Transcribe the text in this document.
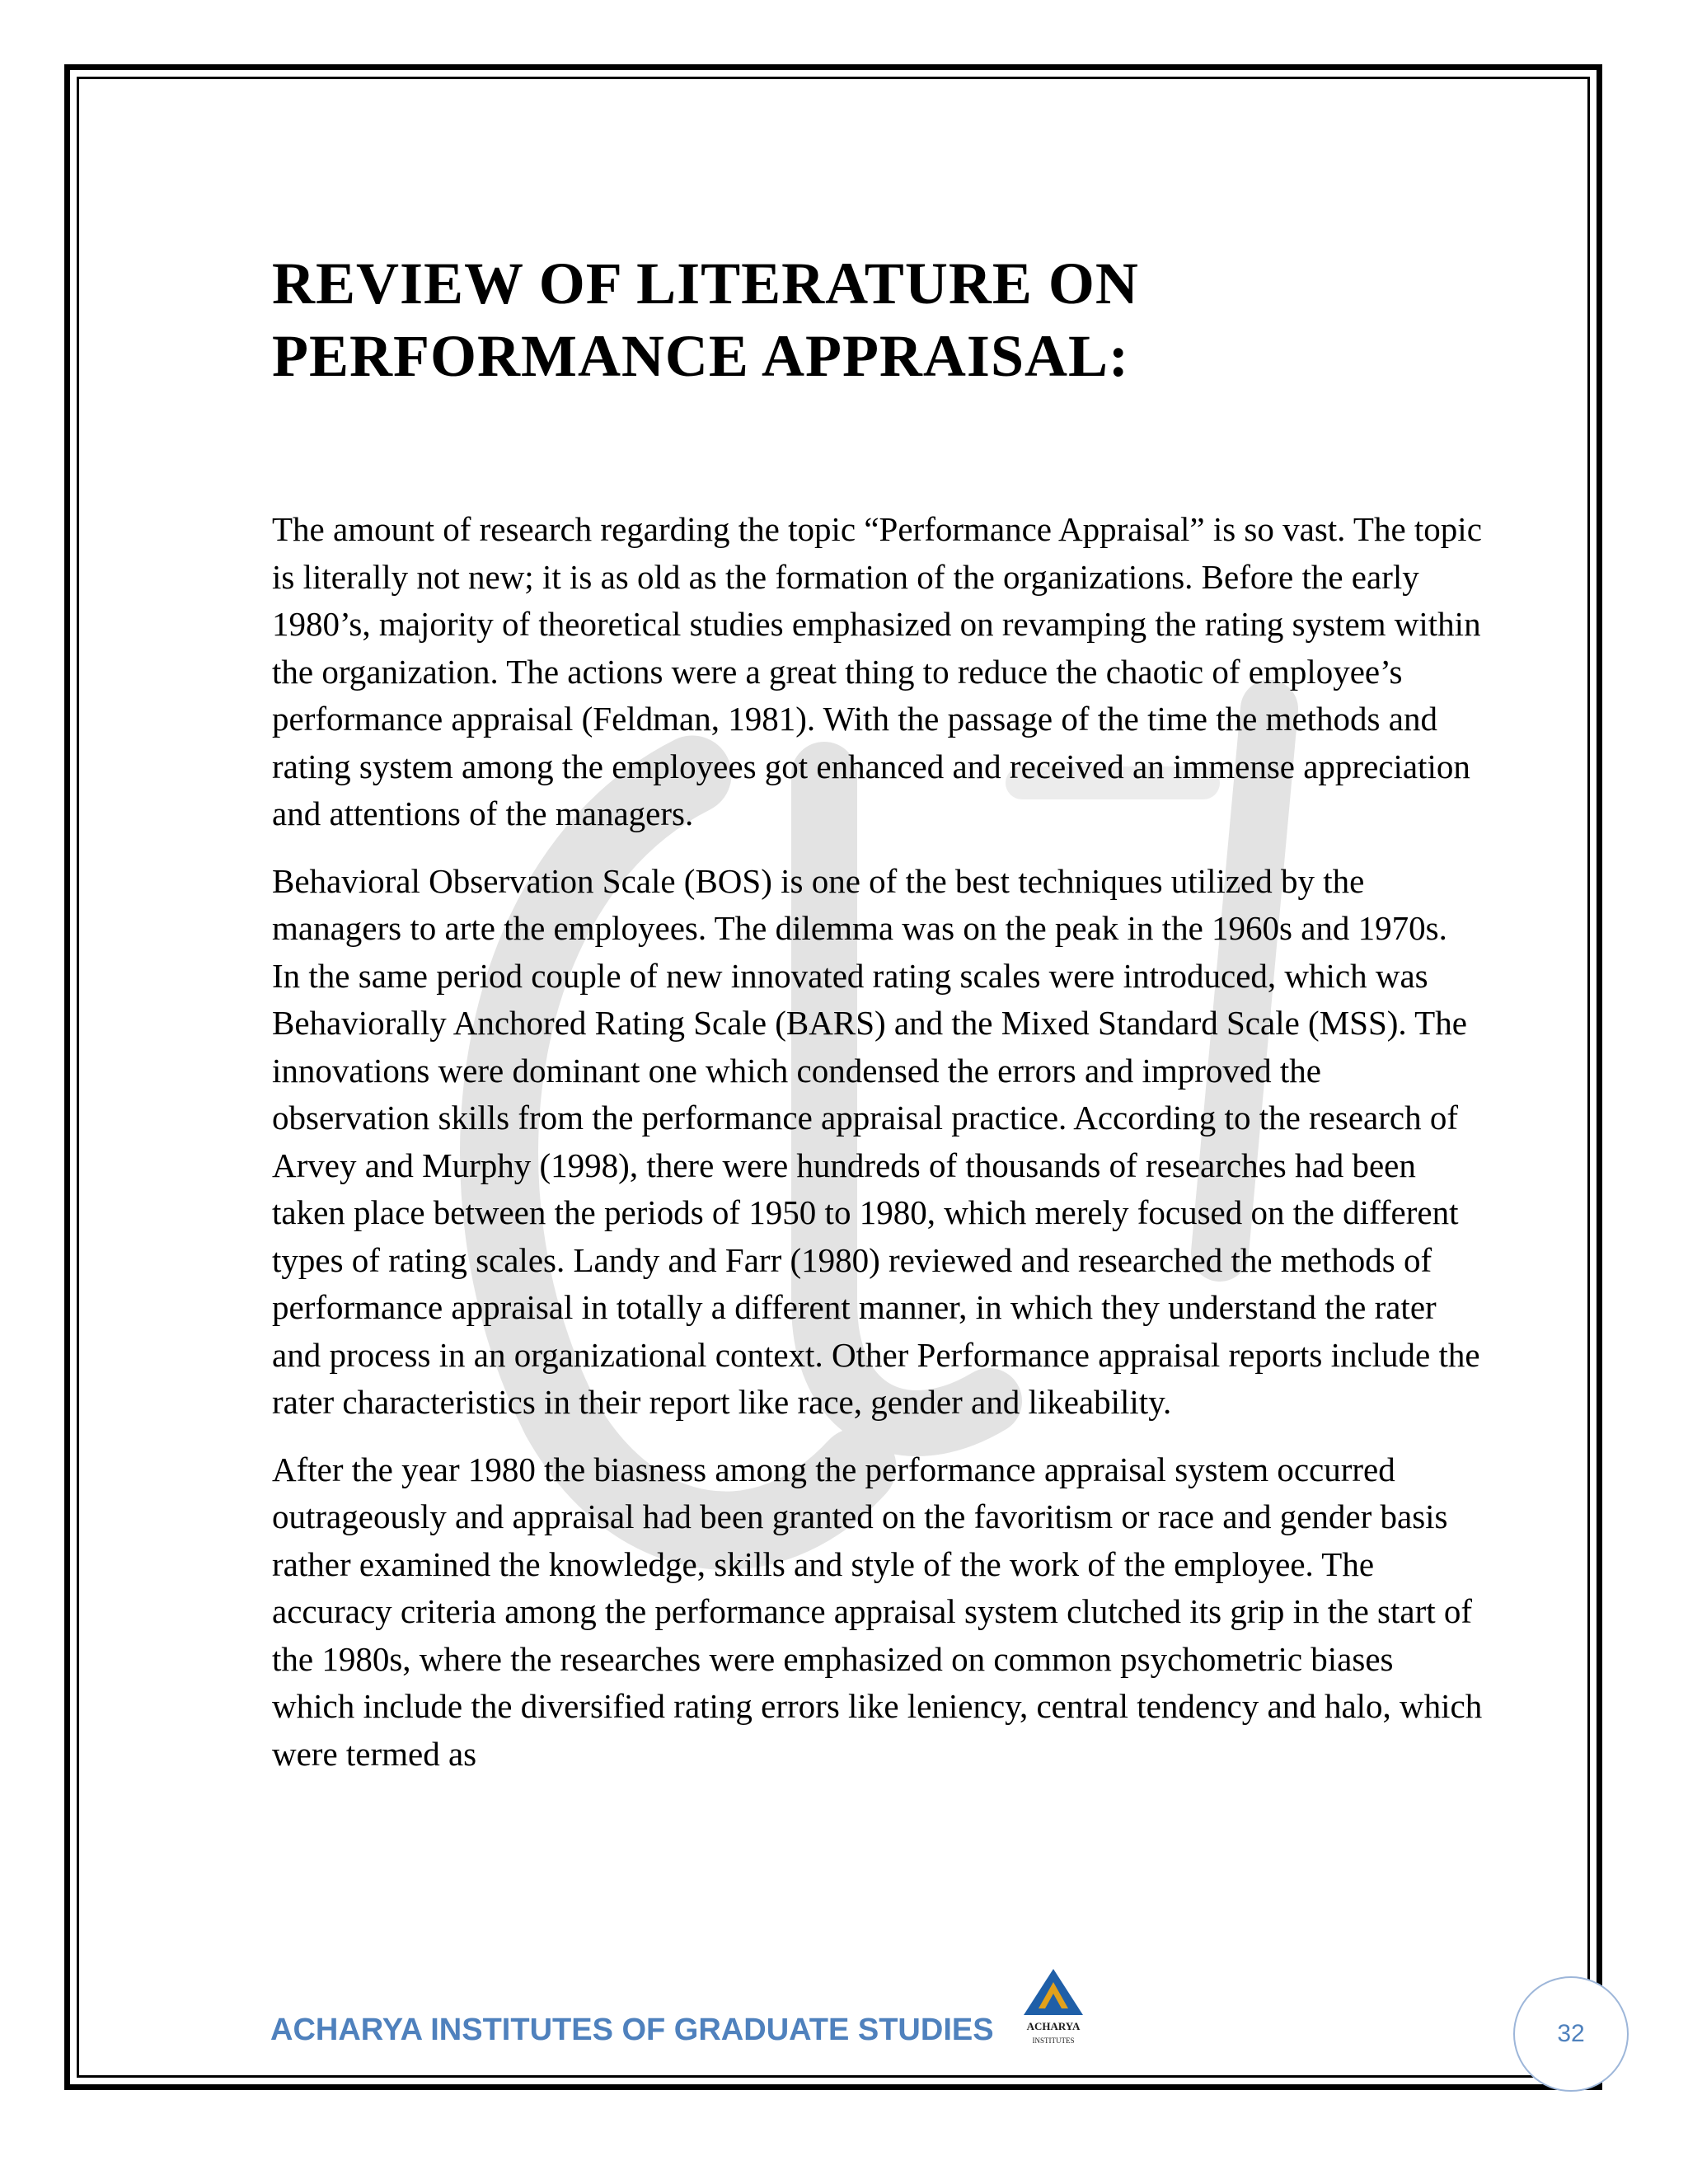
REVIEW OF LITERATURE ON
PERFORMANCE APPRAISAL:

The amount of research regarding the topic “Performance Appraisal” is so vast. The topic is literally not new; it is as old as the formation of the organizations. Before the early 1980’s, majority of theoretical studies emphasized on revamping the rating system within the organization. The actions were a great thing to reduce the chaotic of employee’s performance appraisal (Feldman, 1981). With the passage of the time the methods and rating system among the employees got enhanced and received an immense appreciation and attentions of the managers.

Behavioral Observation Scale (BOS) is one of the best techniques utilized by the managers to arte the employees. The dilemma was on the peak in the 1960s and 1970s. In the same period couple of new innovated rating scales were introduced, which was Behaviorally Anchored Rating Scale (BARS) and the Mixed Standard Scale (MSS). The innovations were dominant one which condensed the errors and improved the observation skills from the performance appraisal practice. According to the research of Arvey and Murphy (1998), there were hundreds of thousands of researches had been taken place between the periods of 1950 to 1980, which merely focused on the different types of rating scales. Landy and Farr (1980) reviewed and researched the methods of performance appraisal in totally a different manner, in which they understand the rater and process in an organizational context. Other Performance appraisal reports include the rater characteristics in their report like race, gender and likeability.

After the year 1980 the biasness among the performance appraisal system occurred outrageously and appraisal had been granted on the favoritism or race and gender basis rather examined the knowledge, skills and style of the work of the employee. The accuracy criteria among the performance appraisal system clutched its grip in the start of the 1980s, where the researches were emphasized on common psychometric biases which include the diversified rating errors like leniency, central tendency and halo, which were termed as

ACHARYA INSTITUTES OF GRADUATE STUDIES	ACHARYA
INSTITUTES	32
